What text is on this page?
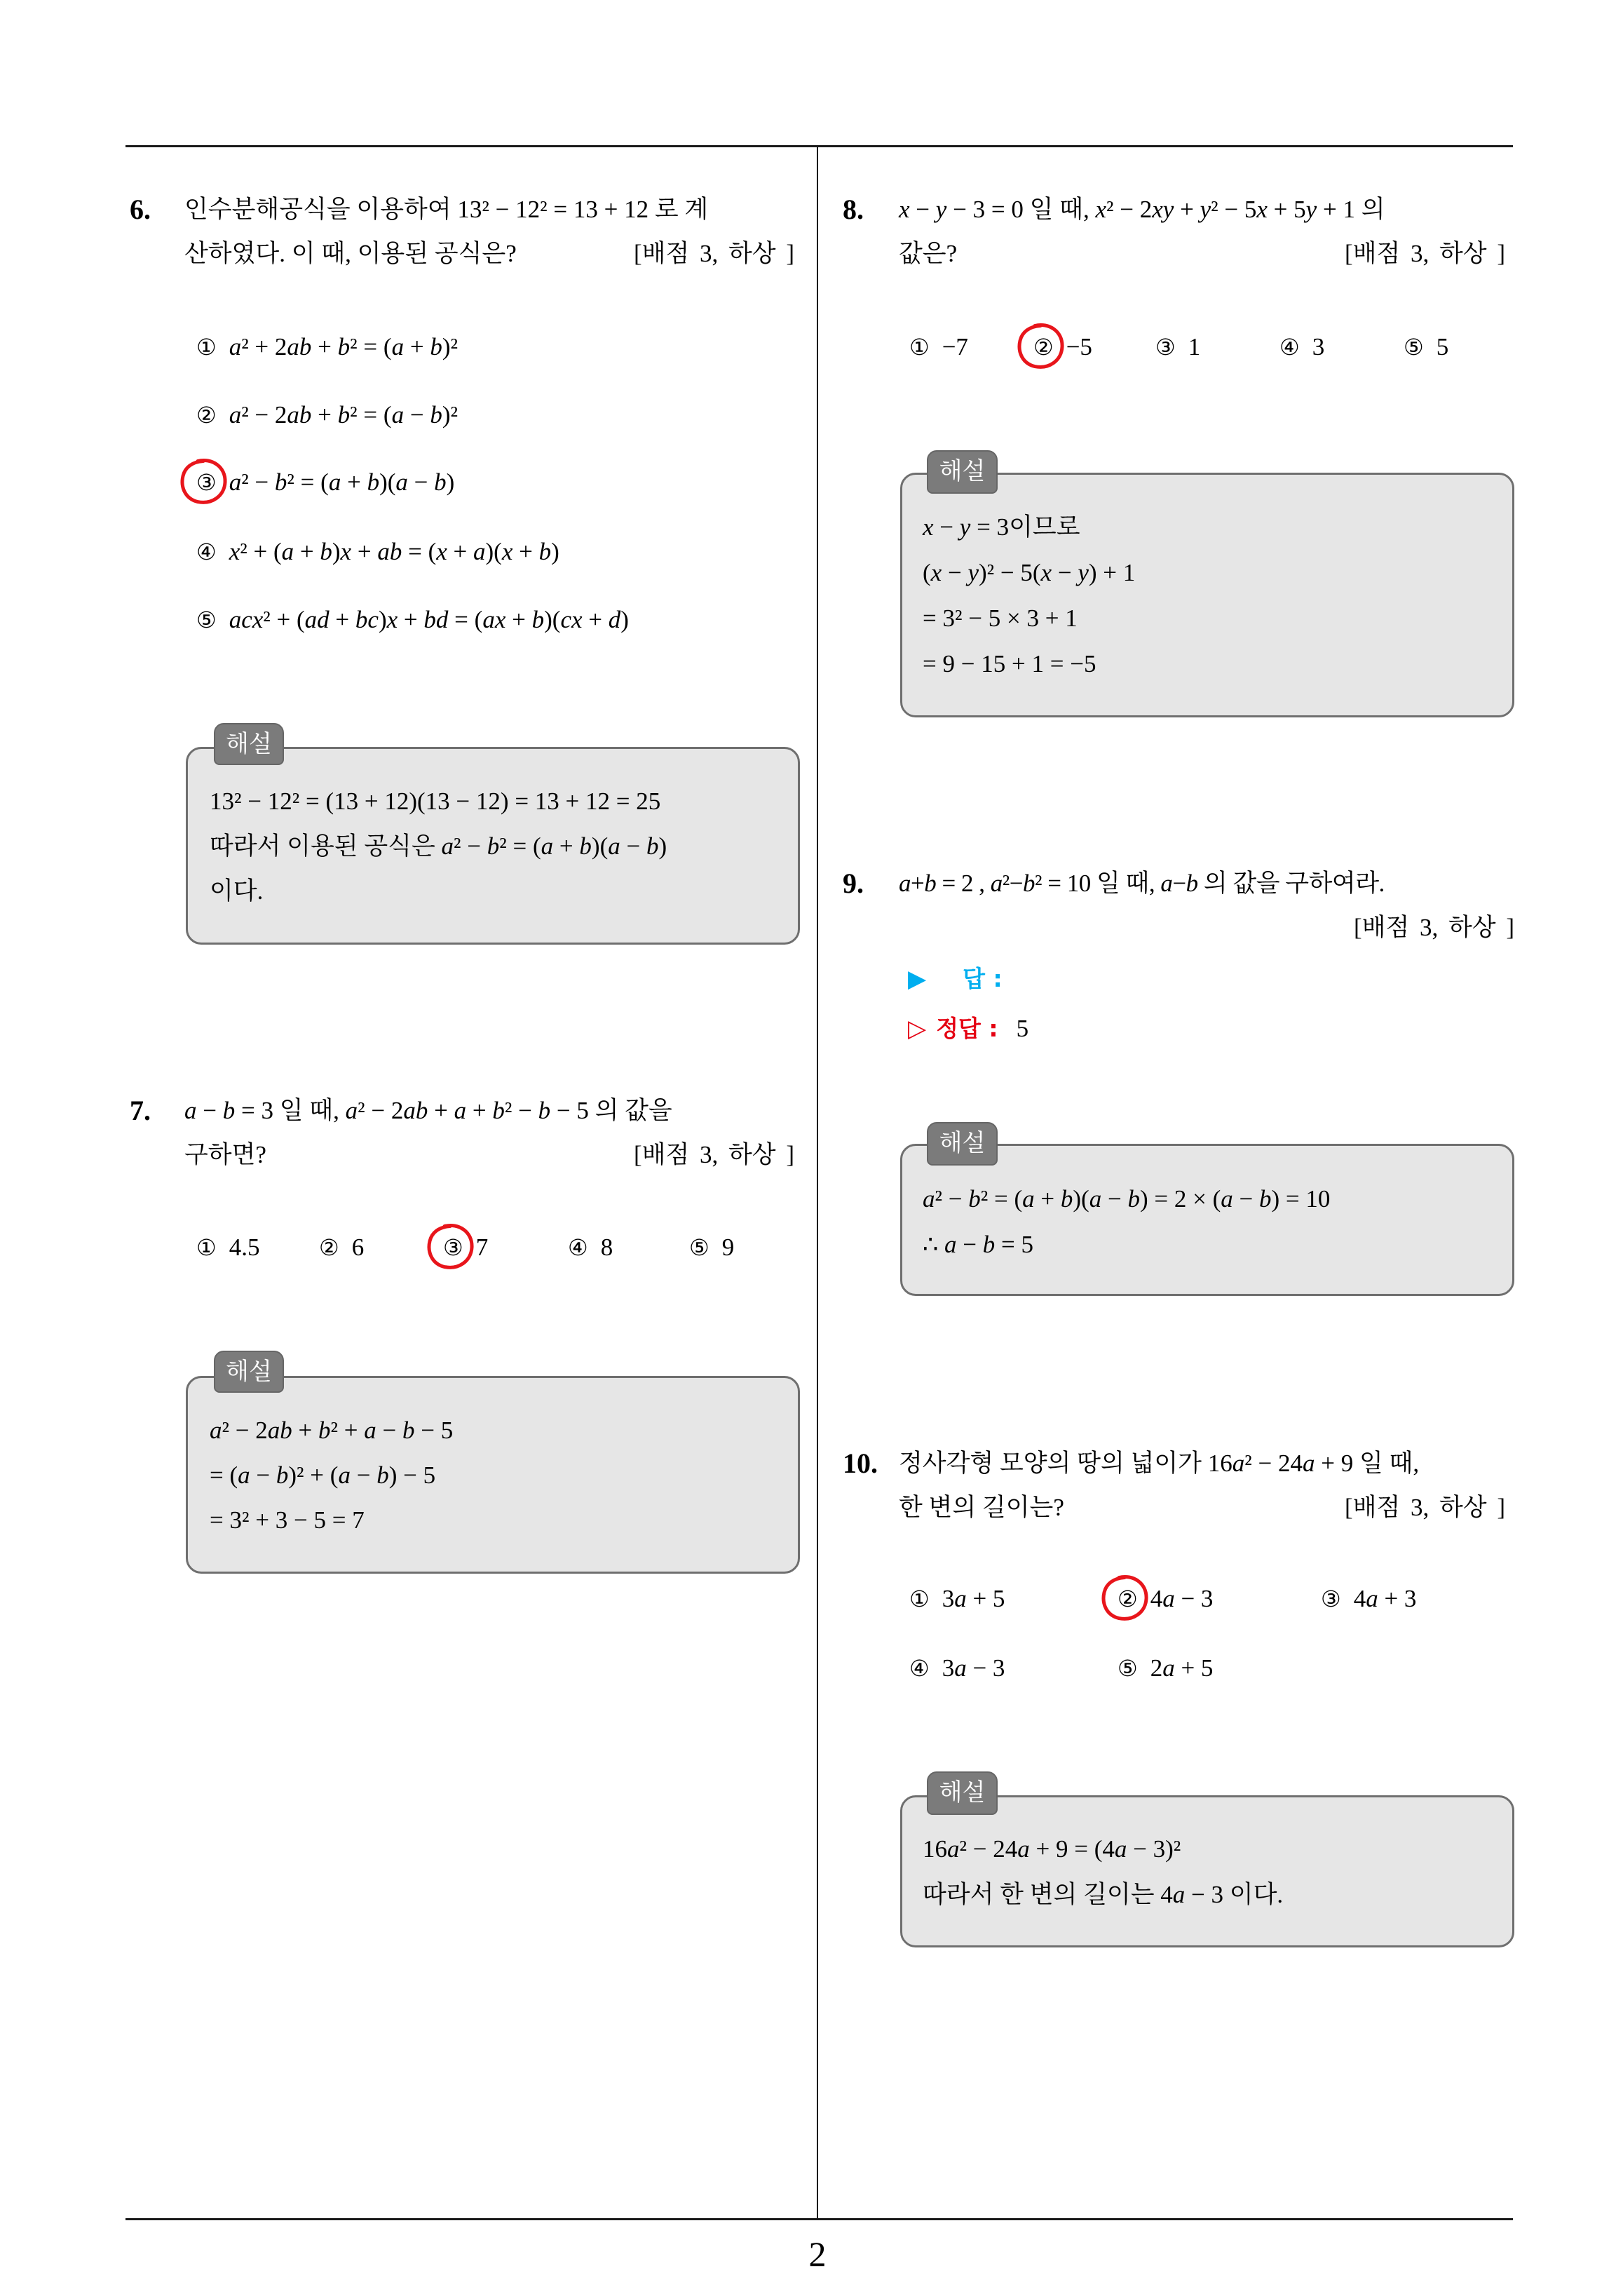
6. 인수분해공식을 이용하여 13² − 12² = 13 + 12 로 계
산하였다. 이 때, 이용된 공식은?	[배점 3, 하상 ]
① a² + 2ab + b² = (a + b)²
② a² − 2ab + b² = (a − b)²
③ a² − b² = (a + b)(a − b)
④ x² + (a + b)x + ab = (x + a)(x + b)
⑤ acx² + (ad + bc)x + bd = (ax + b)(cx + d)
해설
13² − 12² = (13 + 12)(13 − 12) = 13 + 12 = 25
따라서 이용된 공식은 a² − b² = (a + b)(a − b)
이다.
7. a − b = 3 일 때, a² − 2ab + a + b² − b − 5 의 값을
구하면?	[배점 3, 하상 ]
① 4.5	② 6	③ 7	④ 8	⑤ 9
해설
a² − 2ab + b² + a − b − 5
= (a − b)² + (a − b) − 5
= 3² + 3 − 5 = 7
8. x − y − 3 = 0 일 때, x² − 2xy + y² − 5x + 5y + 1 의
값은?	[배점 3, 하상 ]
① −7	② −5	③ 1	④ 3	⑤ 5
해설
x − y = 3이므로
(x − y)² − 5(x − y) + 1
= 3² − 5 × 3 + 1
= 9 − 15 + 1 = −5
9. a+b = 2 , a²−b² = 10 일 때, a−b 의 값을 구하여라.
[배점 3, 하상 ]
▶ 답 :
▷ 정답 : 5
해설
a² − b² = (a + b)(a − b) = 2 × (a − b) = 10
∴ a − b = 5
10. 정사각형 모양의 땅의 넓이가 16a² − 24a + 9 일 때,
한 변의 길이는?	[배점 3, 하상 ]
① 3a + 5	② 4a − 3	③ 4a + 3
④ 3a − 3	⑤ 2a + 5
해설
16a² − 24a + 9 = (4a − 3)²
따라서 한 변의 길이는 4a − 3 이다.
2
